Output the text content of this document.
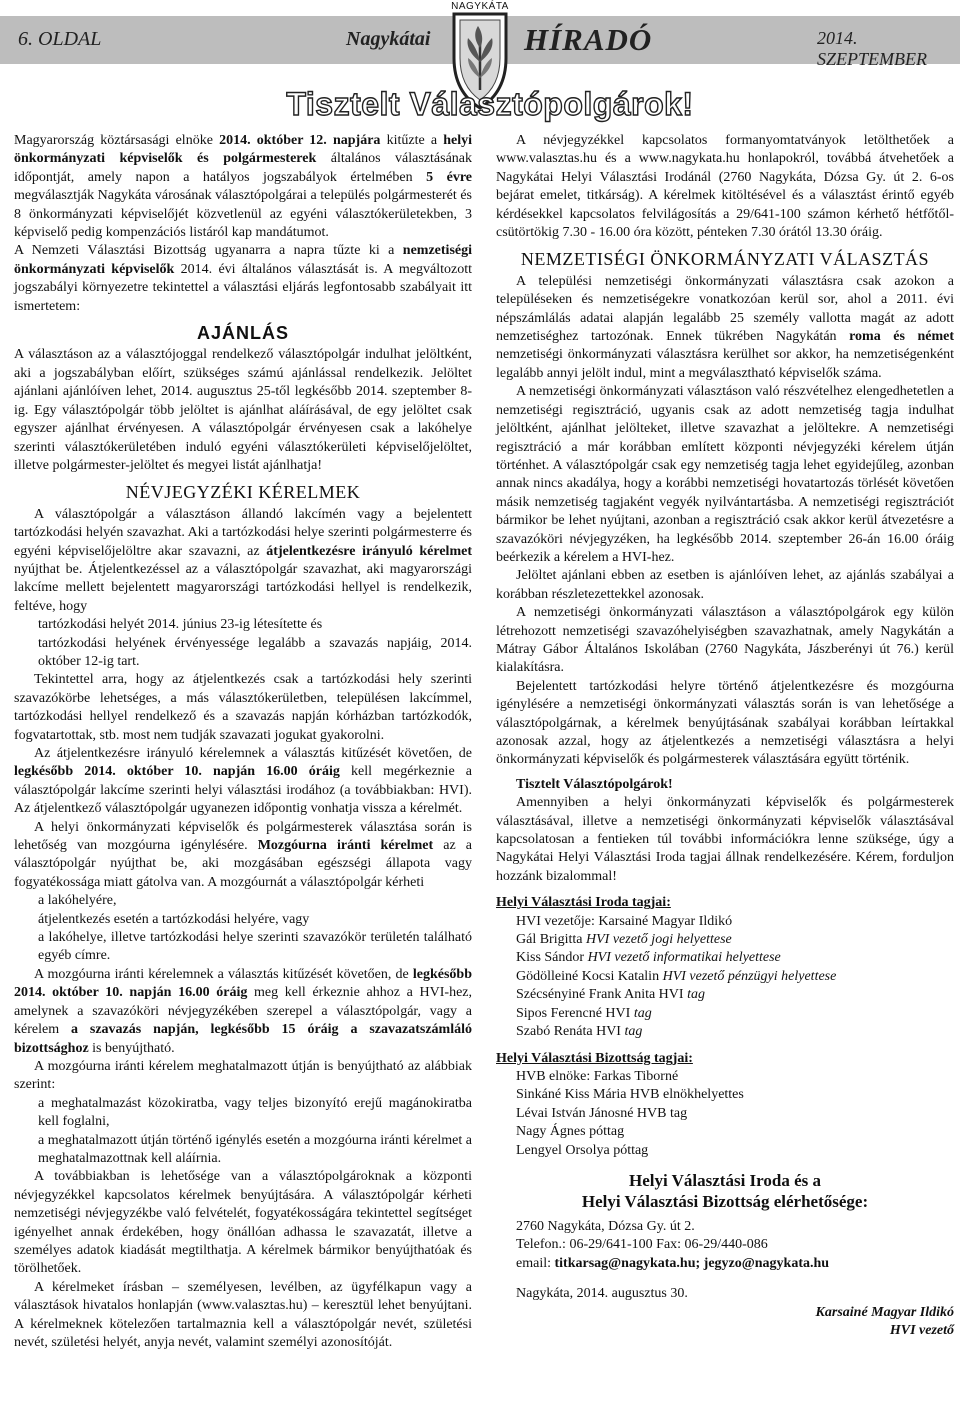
6. OLDAL	Nagykátai	HÍRADÓ	2014. SZEPTEMBER
NAGYKÁTA
Tisztelt Választópolgárok!

Magyarország köztársasági elnöke 2014. október 12. napjára kitűzte a helyi önkormányzati képviselők és polgármesterek általános választásának időpontját, amely napon a hatályos jogszabályok értelmében 5 évre megválasztják Nagykáta városának választópolgárai a település polgármesterét és 8 önkormányzati képviselőjét közvetlenül az egyéni választókerületekben, 3 képviselő pedig kompenzációs listáról kap mandátumot.

A Nemzeti Választási Bizottság ugyanarra a napra tűzte ki a nemzetiségi önkormányzati képviselők 2014. évi általános választását is. A megváltozott jogszabályi környezetre tekintettel a választási eljárás legfontosabb szabályait itt ismertetem:

AJÁNLÁS

A választáson az a választójoggal rendelkező választópolgár indulhat jelöltként, aki a jogszabályban előírt, szükséges számú ajánlással rendelkezik. Jelöltet ajánlani ajánlóíven lehet, 2014. augusztus 25-től legkésőbb 2014. szeptember 8-ig. Egy választópolgár több jelöltet is ajánlhat aláírásával, de egy jelöltet csak egyszer ajánlhat érvényesen. A választópolgár érvényesen csak a lakóhelye szerinti választókerületében induló egyéni választókerületi képviselőjelöltet, illetve polgármester-jelöltet és megyei listát ajánlhatja!

NÉVJEGYZÉKI KÉRELMEK

A választópolgár a választáson állandó lakcímén vagy a bejelentett tartózkodási helyén szavazhat. Aki a tartózkodási helye szerinti polgármesterre és egyéni képviselőjelöltre akar szavazni, az átjelentkezésre irányuló kérelmet nyújthat be. Átjelentkezéssel az a választópolgár szavazhat, aki magyarországi lakcíme mellett bejelentett magyarországi tartózkodási hellyel is rendelkezik, feltéve, hogy

tartózkodási helyét 2014. június 23-ig létesítette és

tartózkodási helyének érvényessége legalább a szavazás napjáig, 2014. október 12-ig tart.

Tekintettel arra, hogy az átjelentkezés csak a tartózkodási hely szerinti szavazókörbe lehetséges, a más választókerületben, településen lakcímmel, tartózkodási hellyel rendelkező és a szavazás napján kórházban tartózkodók, fogvatartottak, stb. most nem tudják szavazati jogukat gyakorolni.

Az átjelentkezésre irányuló kérelemnek a választás kitűzését követően, de legkésőbb 2014. október 10. napján 16.00 óráig kell megérkeznie a választópolgár lakcíme szerinti helyi választási irodához (a továbbiakban: HVI). Az átjelentkező választópolgár ugyanezen időpontig vonhatja vissza a kérelmét.

A helyi önkormányzati képviselők és polgármesterek választása során is lehetőség van mozgóurna igénylésére. Mozgóurna iránti kérelmet az a választópolgár nyújthat be, aki mozgásában egészségi állapota vagy fogyatékossága miatt gátolva van. A mozgóurnát a választópolgár kérheti

a lakóhelyére,

átjelentkezés esetén a tartózkodási helyére, vagy

a lakóhelye, illetve tartózkodási helye szerinti szavazókör területén található egyéb címre.

A mozgóurna iránti kérelemnek a választás kitűzését követően, de legkésőbb 2014. október 10. napján 16.00 óráig meg kell érkeznie ahhoz a HVI-hez, amelynek a szavazóköri névjegyzékében szerepel a választópolgár, vagy a kérelem a szavazás napján, legkésőbb 15 óráig a szavazatszámláló bizottsághoz is benyújtható.

A mozgóurna iránti kérelem meghatalmazott útján is benyújtható az alábbiak szerint:

a meghatalmazást közokiratba, vagy teljes bizonyító erejű magánokiratba kell foglalni,

a meghatalmazott útján történő igénylés esetén a mozgóurna iránti kérelmet a meghatalmazottnak kell aláírnia.

A továbbiakban is lehetősége van a választópolgároknak a központi névjegyzékkel kapcsolatos kérelmek benyújtására. A választópolgár kérheti nemzetiségi névjegyzékbe való felvételét, fogyatékosságára tekintettel segítséget igényelhet annak érdekében, hogy önállóan adhassa le szavazatát, illetve a személyes adatok kiadását megtilthatja. A kérelmek bármikor benyújthatóak és törölhetőek.

A kérelmeket írásban – személyesen, levélben, az ügyfélkapun vagy a választások hivatalos honlapján (www.valasztas.hu) – keresztül lehet benyújtani. A kérelmeknek kötelezően tartalmaznia kell a választópolgár nevét, születési nevét, születési helyét, anyja nevét, valamint személyi azonosítóját.

A névjegyzékkel kapcsolatos formanyomtatványok letölthetőek a www.valasztas.hu és a www.nagykata.hu honlapokról, továbbá átvehetőek a Nagykátai Helyi Választási Irodánál (2760 Nagykáta, Dózsa Gy. út 2. 6-os bejárat emelet, titkárság). A kérelmek kitöltésével és a választást érintő egyéb kérdésekkel kapcsolatos felvilágosítás a 29/641-100 számon kérhető hétfőtől-csütörtökig 7.30 - 16.00 óra között, pénteken 7.30 órától 13.30 óráig.

NEMZETISÉGI ÖNKORMÁNYZATI VÁLASZTÁS

A települési nemzetiségi önkormányzati választásra csak azokon a településeken és nemzetiségekre vonatkozóan kerül sor, ahol a 2011. évi népszámlálás adatai alapján legalább 25 személy vallotta magát az adott nemzetiséghez tartozónak. Ennek tükrében Nagykátán roma és német nemzetiségi önkormányzati választásra kerülhet sor akkor, ha nemzetiségenként legalább annyi jelölt indul, mint a megválasztható képviselők száma.

A nemzetiségi önkormányzati választáson való részvételhez elengedhetetlen a nemzetiségi regisztráció, ugyanis csak az adott nemzetiség tagja indulhat jelöltként, ajánlhat jelölteket, illetve szavazhat a jelöltekre. A nemzetiségi regisztráció a már korábban említett központi névjegyzéki kérelem útján történhet. A választópolgár csak egy nemzetiség tagja lehet egyidejűleg, azonban annak nincs akadálya, hogy a korábbi nemzetiségi hovatartozás törlését követően másik nemzetiség tagjaként vegyék nyilvántartásba. A nemzetiségi regisztrációt bármikor be lehet nyújtani, azonban a regisztráció csak akkor kerül átvezetésre a szavazóköri névjegyzéken, ha legkésőbb 2014. szeptember 26-án 16.00 óráig beérkezik a kérelem a HVI-hez.

Jelöltet ajánlani ebben az esetben is ajánlóíven lehet, az ajánlás szabályai a korábban részletezettekkel azonosak.

A nemzetiségi önkormányzati választáson a választópolgárok egy külön létrehozott nemzetiségi szavazóhelyiségben szavazhatnak, amely Nagykátán a Mátray Gábor Általános Iskolában (2760 Nagykáta, Jászberényi út 76.) kerül kialakításra.

Bejelentett tartózkodási helyre történő átjelentkezésre és mozgóurna igénylésére a nemzetiségi önkormányzati választás során is van lehetősége a választópolgárnak, a kérelmek benyújtásának szabályai korábban leírtakkal azonosak azzal, hogy az átjelentkezés a nemzetiségi választásra a helyi önkormányzati képviselők és polgármesterek választására együtt történik.

Tisztelt Választópolgárok!

Amennyiben a helyi önkormányzati képviselők és polgármesterek választásával, illetve a nemzetiségi önkormányzati képviselők választásával kapcsolatosan a fentieken túl további információkra lenne szüksége, úgy a Nagykátai Helyi Választási Iroda tagjai állnak rendelkezésére. Kérem, forduljon hozzánk bizalommal!

Helyi Választási Iroda tagjai:

HVI vezetője: Karsainé Magyar Ildikó

Gál Brigitta HVI vezető jogi helyettese

Kiss Sándor HVI vezető informatikai helyettese

Gödölleiné Kocsi Katalin HVI vezető pénzügyi helyettese

Szécsényiné Frank Anita HVI tag

Sipos Ferencné HVI tag

Szabó Renáta HVI tag

Helyi Választási Bizottság tagjai:

HVB elnöke: Farkas Tiborné

Sinkáné Kiss Mária HVB elnökhelyettes

Lévai István Jánosné HVB tag

Nagy Ágnes póttag

Lengyel Orsolya póttag

Helyi Választási Iroda és a
Helyi Választási Bizottság elérhetősége:

2760 Nagykáta, Dózsa Gy. út 2.

Telefon.: 06-29/641-100 Fax: 06-29/440-086

email: titkarsag@nagykata.hu; jegyzo@nagykata.hu

Nagykáta, 2014. augusztus 30.

Karsainé Magyar Ildikó
HVI vezető
